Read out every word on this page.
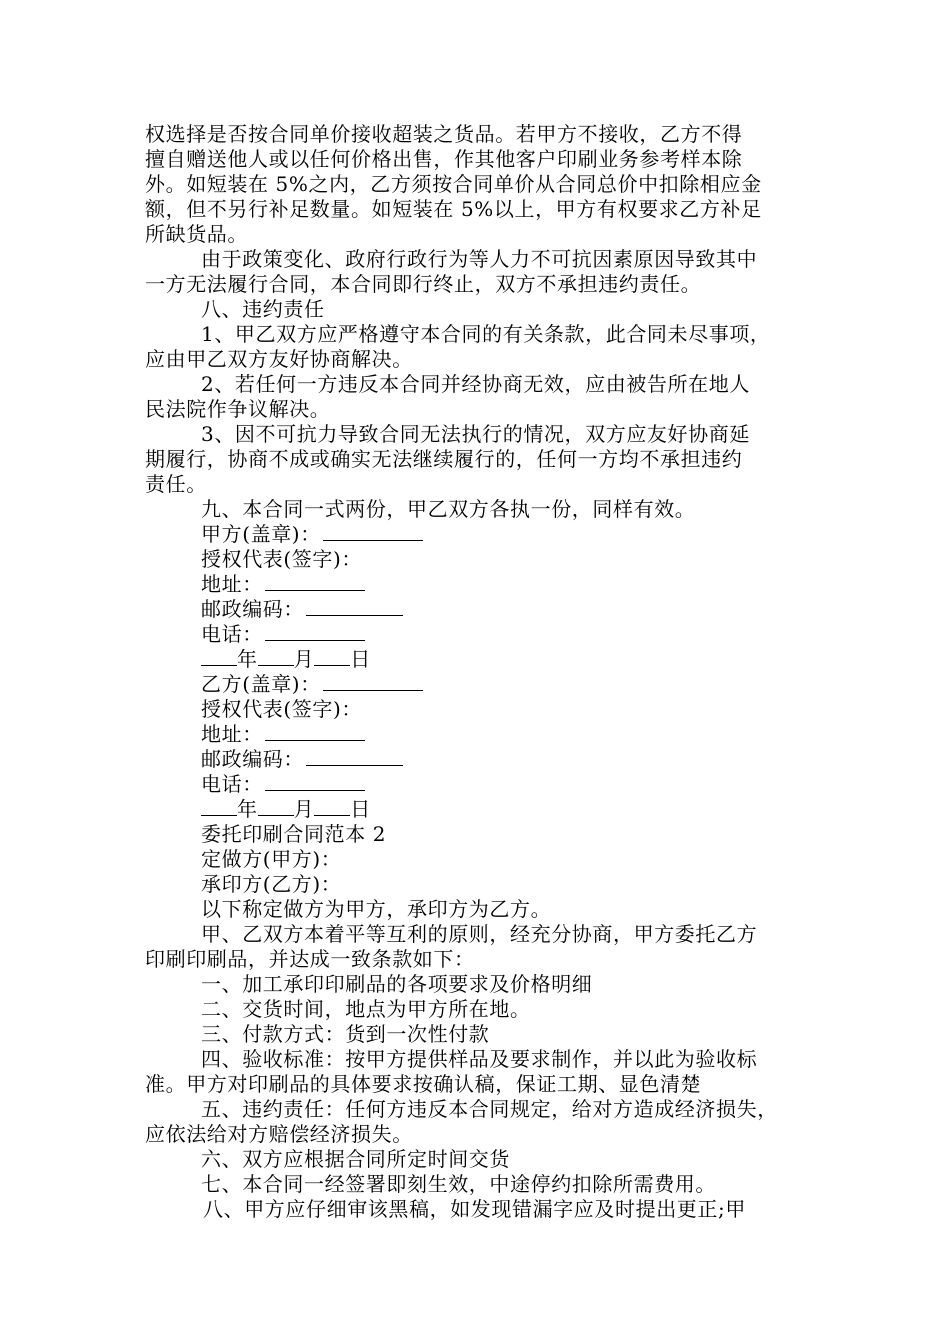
权选择是否按合同单价接收超装之货品。若甲方不接收，乙方不得
擅自赠送他人或以任何价格出售，作其他客户印刷业务参考样本除
外。如短装在 5%之内，乙方须按合同单价从合同总价中扣除相应金
额，但不另行补足数量。如短装在 5%以上，甲方有权要求乙方补足
所缺货品。
由于政策变化、政府行政行为等人力不可抗因素原因导致其中
一方无法履行合同，本合同即行终止，双方不承担违约责任。
八、违约责任
1、甲乙双方应严格遵守本合同的有关条款，此合同未尽事项，
应由甲乙双方友好协商解决。
2、若任何一方违反本合同并经协商无效，应由被告所在地人
民法院作争议解决。
3、因不可抗力导致合同无法执行的情况，双方应友好协商延
期履行，协商不成或确实无法继续履行的，任何一方均不承担违约
责任。
九、本合同一式两份，甲乙双方各执一份，同样有效。
甲方(盖章)：
授权代表(签字)：
地址：
邮政编码：
电话：
年 月 日
乙方(盖章)：
授权代表(签字)：
地址：
邮政编码：
电话：
年 月 日
委托印刷合同范本 2
定做方(甲方)：
承印方(乙方)：
以下称定做方为甲方，承印方为乙方。
甲、乙双方本着平等互利的原则，经充分协商，甲方委托乙方
印刷印刷品，并达成一致条款如下：
一、加工承印印刷品的各项要求及价格明细
二、交货时间，地点为甲方所在地。
三、付款方式：货到一次性付款
四、验收标准：按甲方提供样品及要求制作，并以此为验收标
准。甲方对印刷品的具体要求按确认稿，保证工期、显色清楚
五、违约责任：任何方违反本合同规定，给对方造成经济损失，
应依法给对方赔偿经济损失。
六、双方应根据合同所定时间交货
七、本合同一经签署即刻生效，中途停约扣除所需费用。
八、甲方应仔细审该黑稿，如发现错漏字应及时提出更正;甲
